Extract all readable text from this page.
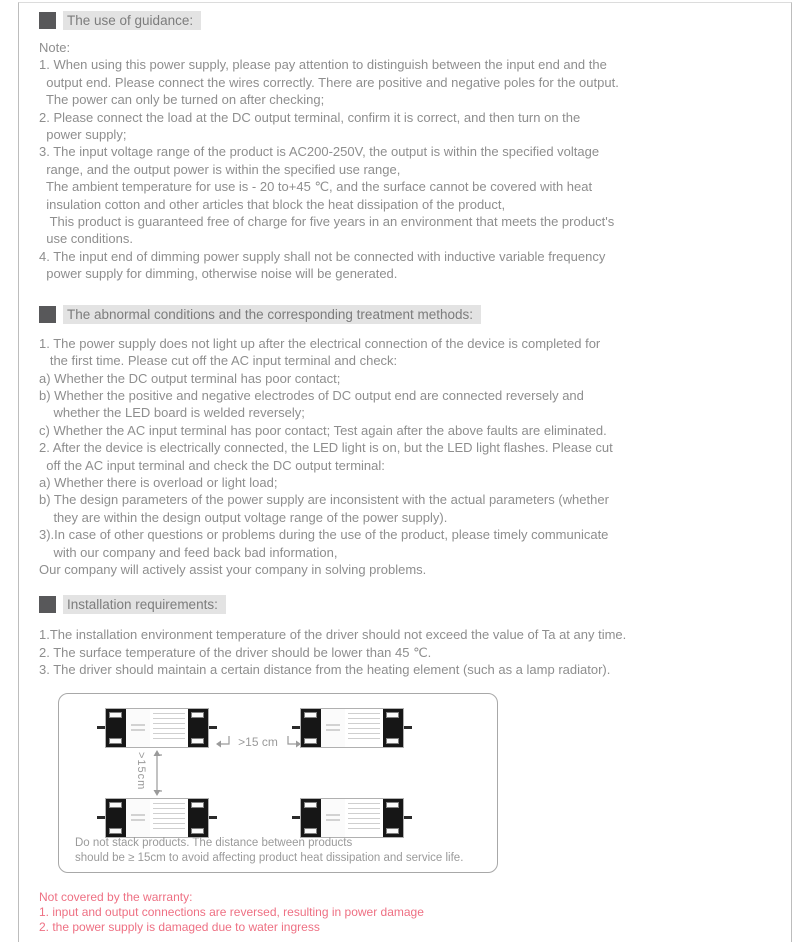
The use of guidance:
Note:
1. When using this power supply, please pay attention to distinguish between the input end and the
output end. Please connect the wires correctly. There are positive and negative poles for the output.
The power can only be turned on after checking;
2. Please connect the load at the DC output terminal, confirm it is correct, and then turn on the
power supply;
3. The input voltage range of the product is AC200-250V, the output is within the specified voltage
range, and the output power is within the specified use range,
The ambient temperature for use is - 20 to+45 ℃, and the surface cannot be covered with heat
insulation cotton and other articles that block the heat dissipation of the product,
This product is guaranteed free of charge for five years in an environment that meets the product's
use conditions.
4. The input end of dimming power supply shall not be connected with inductive variable frequency
power supply for dimming, otherwise noise will be generated.
The abnormal conditions and the corresponding treatment methods:
1. The power supply does not light up after the electrical connection of the device is completed for
the first time. Please cut off the AC input terminal and check:
a) Whether the DC output terminal has poor contact;
b) Whether the positive and negative electrodes of DC output end are connected reversely and
whether the LED board is welded reversely;
c) Whether the AC input terminal has poor contact; Test again after the above faults are eliminated.
2. After the device is electrically connected, the LED light is on, but the LED light flashes. Please cut
off the AC input terminal and check the DC output terminal:
a) Whether there is overload or light load;
b) The design parameters of the power supply are inconsistent with the actual parameters (whether
they are within the design output voltage range of the power supply).
3).In case of other questions or problems during the use of the product, please timely communicate
with our company and feed back bad information,
Our company will actively assist your company in solving problems.
Installation requirements:
1.The installation environment temperature of the driver should not exceed the value of Ta at any time.
2. The surface temperature of the driver should be lower than 45 ℃.
3. The driver should maintain a certain distance from the heating element (such as a lamp radiator).
>15 cm
>15cm
Do not stack products. The distance between products
should be ≥ 15cm to avoid affecting product heat dissipation and service life.
Not covered by the warranty:
1. input and output connections are reversed, resulting in power damage
2. the power supply is damaged due to water ingress
